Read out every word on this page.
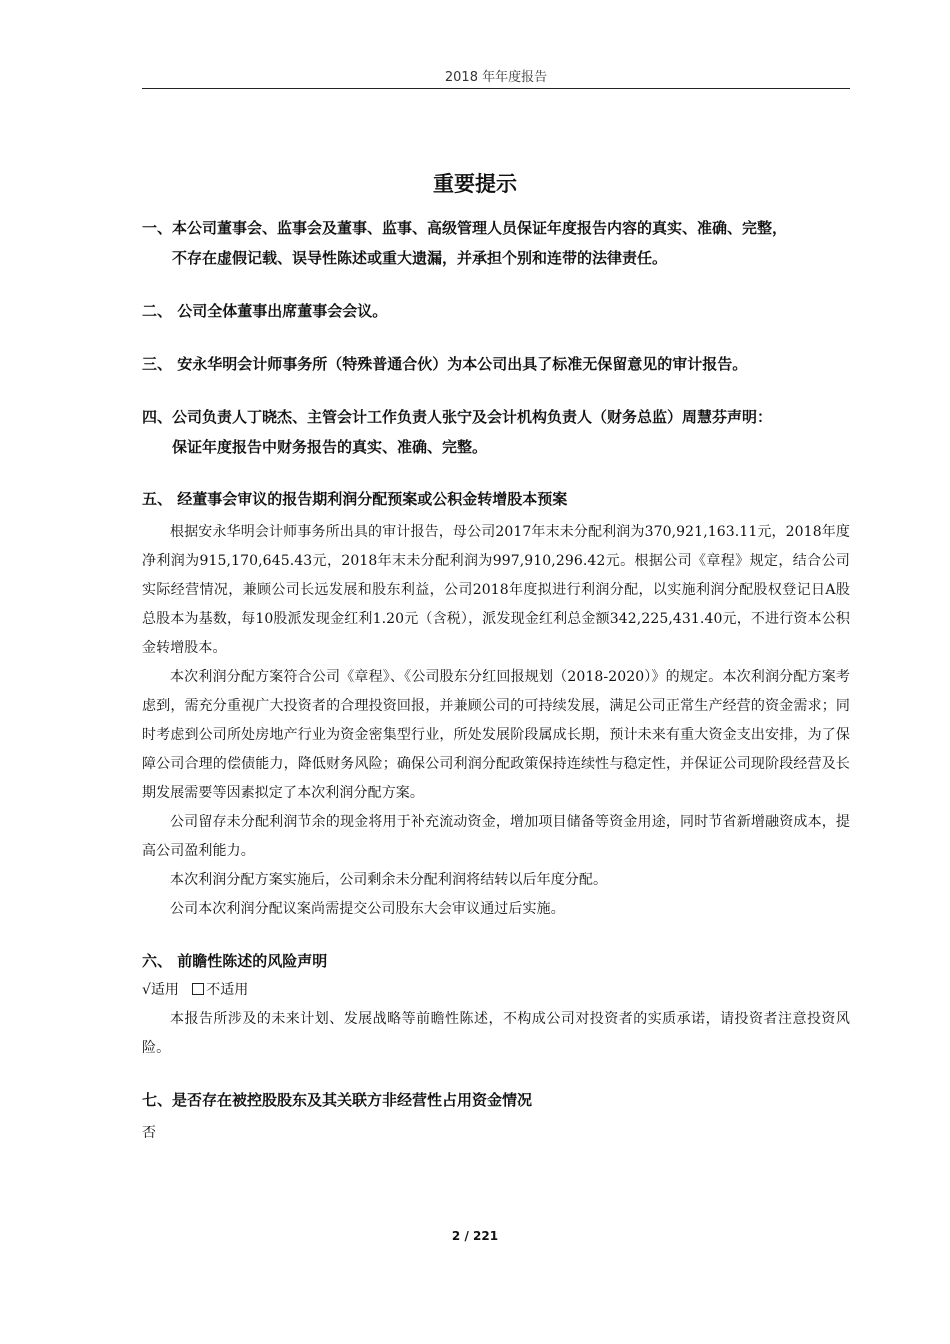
2018 年年度报告
重要提示
一、本公司董事会、监事会及董事、监事、高级管理人员保证年度报告内容的真实、准确、完整，
不存在虚假记载、误导性陈述或重大遗漏，并承担个别和连带的法律责任。
二、 公司全体董事出席董事会会议。
三、 安永华明会计师事务所（特殊普通合伙）为本公司出具了标准无保留意见的审计报告。
四、公司负责人丁晓杰、主管会计工作负责人张宁及会计机构负责人（财务总监）周慧芬声明：
保证年度报告中财务报告的真实、准确、完整。
五、 经董事会审议的报告期利润分配预案或公积金转增股本预案
根据安永华明会计师事务所出具的审计报告，母公司2017年末未分配利润为370,921,163.11元，2018年度净利润为915,170,645.43元，2018年末未分配利润为997,910,296.42元。根据公司《章程》规定，结合公司实际经营情况，兼顾公司长远发展和股东利益，公司2018年度拟进行利润分配，以实施利润分配股权登记日A股总股本为基数，每10股派发现金红利1.20元（含税），派发现金红利总金额342,225,431.40元，不进行资本公积金转增股本。
本次利润分配方案符合公司《章程》、《公司股东分红回报规划（2018-2020）》的规定。本次利润分配方案考虑到，需充分重视广大投资者的合理投资回报，并兼顾公司的可持续发展，满足公司正常生产经营的资金需求；同时考虑到公司所处房地产行业为资金密集型行业，所处发展阶段属成长期，预计未来有重大资金支出安排，为了保障公司合理的偿债能力，降低财务风险；确保公司利润分配政策保持连续性与稳定性，并保证公司现阶段经营及长期发展需要等因素拟定了本次利润分配方案。
公司留存未分配利润节余的现金将用于补充流动资金，增加项目储备等资金用途，同时节省新增融资成本，提高公司盈利能力。
本次利润分配方案实施后，公司剩余未分配利润将结转以后年度分配。
公司本次利润分配议案尚需提交公司股东大会审议通过后实施。
六、 前瞻性陈述的风险声明
√适用 不适用
本报告所涉及的未来计划、发展战略等前瞻性陈述，不构成公司对投资者的实质承诺，请投资者注意投资风险。
七、是否存在被控股股东及其关联方非经营性占用资金情况
否
2 / 221
